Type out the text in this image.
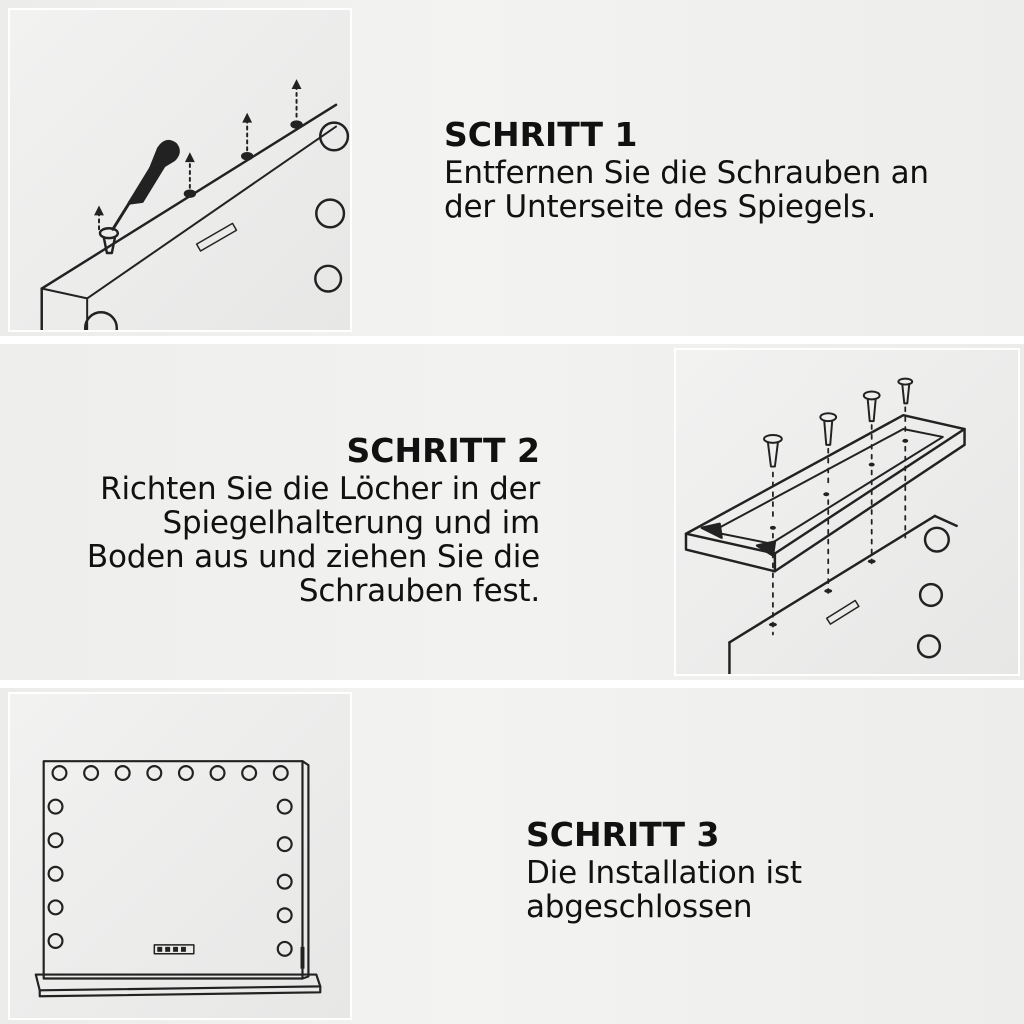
SCHRITT 1

Entfernen Sie die Schrauben an
der Unterseite des Spiegels.

SCHRITT 2

Richten Sie die Löcher in der
Spiegelhalterung und im
Boden aus und ziehen Sie die
Schrauben fest.

SCHRITT 3

Die Installation ist
abgeschlossen
